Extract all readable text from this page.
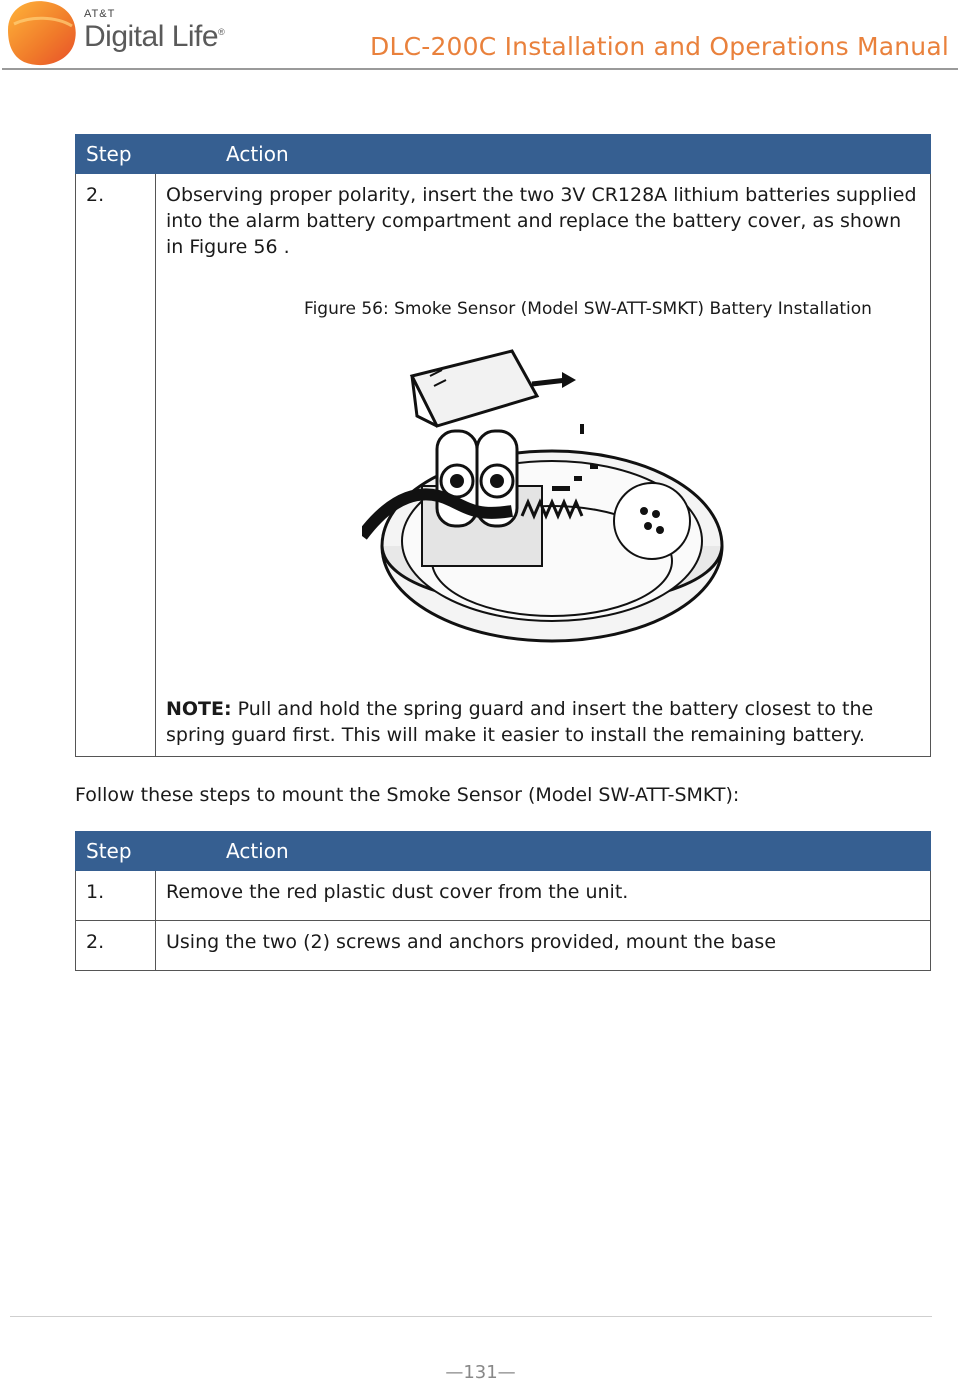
AT&T
Digital Life®	DLC-200C Installation and Operations Manual
Step	Action
2.	Observing proper polarity, insert the two 3V CR128A lithium batteries supplied into the alarm battery compartment and replace the battery cover, as shown in Figure 56 .
Figure 56: Smoke Sensor (Model SW-ATT-SMKT) Battery Installation
NOTE: Pull and hold the spring guard and insert the battery closest to the spring guard first. This will make it easier to install the remaining battery.
Follow these steps to mount the Smoke Sensor (Model SW-ATT-SMKT):
Step	Action
1.	Remove the red plastic dust cover from the unit.
2.	Using the two (2) screws and anchors provided, mount the base
—131—
